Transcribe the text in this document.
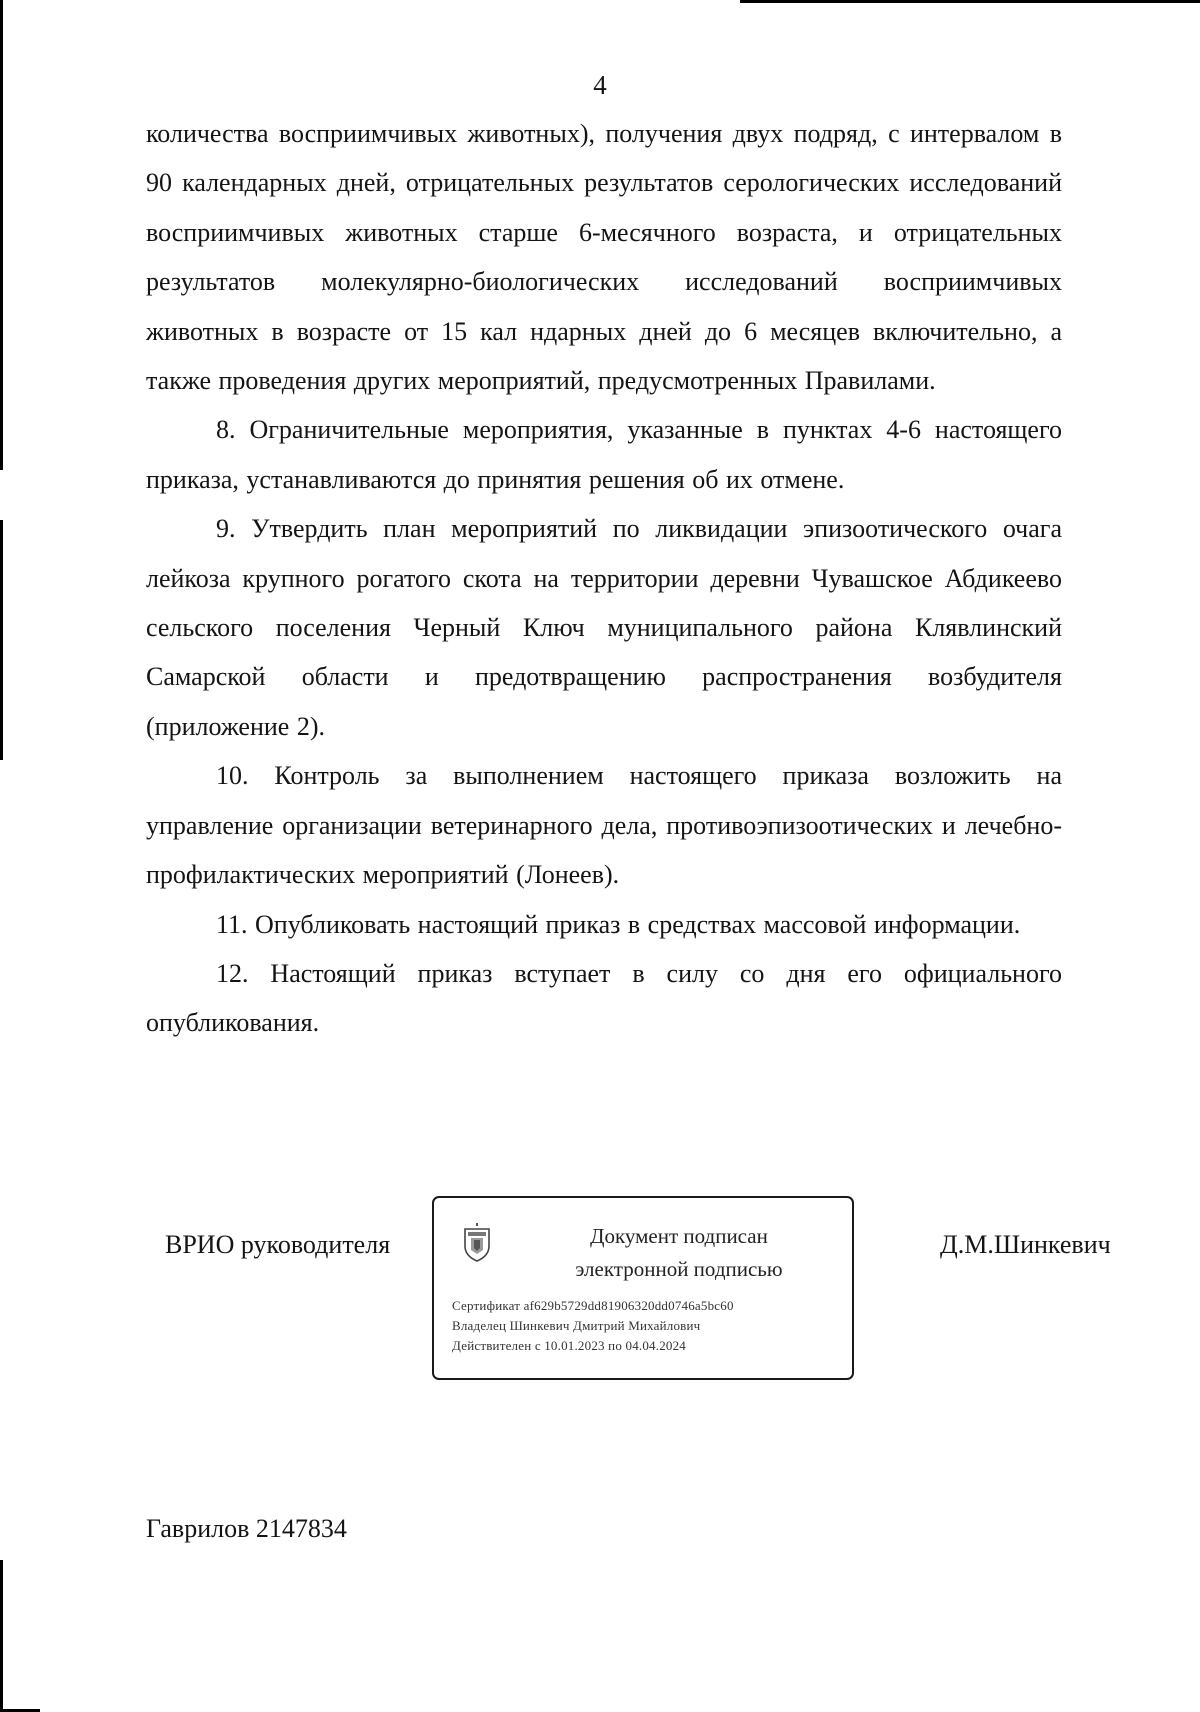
4

количества восприимчивых животных), получения двух подряд, с интервалом в 90 календарных дней, отрицательных результатов серологических исследований восприимчивых животных старше 6-месячного возраста, и отрицательных результатов молекулярно-биологических исследований восприимчивых животных в возрасте от 15 кал ндарных дней до 6 месяцев включительно, а также проведения других мероприятий, предусмотренных Правилами.

8. Ограничительные мероприятия, указанные в пунктах 4-6 настоящего приказа, устанавливаются до принятия решения об их отмене.

9. Утвердить план мероприятий по ликвидации эпизоотического очага лейкоза крупного рогатого скота на территории деревни Чувашское Абдикеево сельского поселения Черный Ключ муниципального района Клявлинский Самарской области и предотвращению распространения возбудителя (приложение 2).

10. Контроль за выполнением настоящего приказа возложить на управление организации ветеринарного дела, противоэпизоотических и лечебно-профилактических мероприятий (Лонеев).

11. Опубликовать настоящий приказ в средствах массовой информации.

12. Настоящий приказ вступает в силу со дня его официального опубликования.

ВРИО руководителя	Документ подписан
электронной подписью
Сертификат af629b5729dd81906320dd0746a5bc60
Владелец Шинкевич Дмитрий Михайлович
Действителен с 10.01.2023 по 04.04.2024
Д.М.Шинкевич
Гаврилов 2147834
